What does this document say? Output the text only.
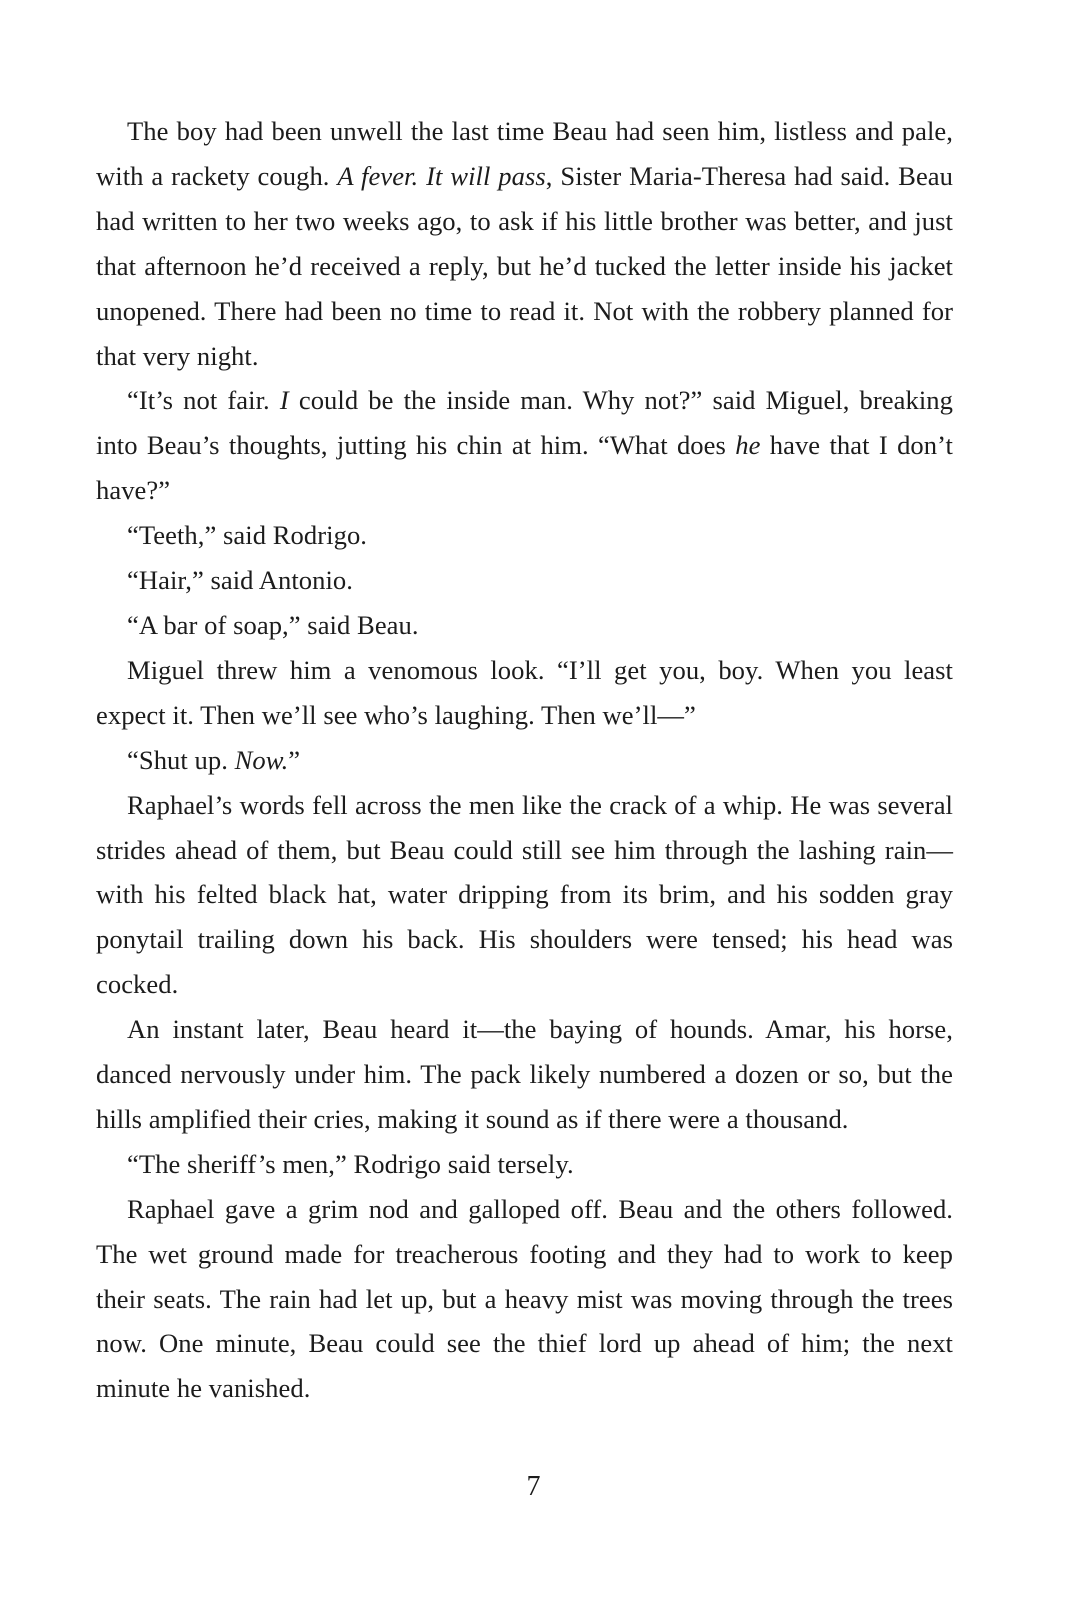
The boy had been unwell the last time Beau had seen him, listless and pale, with a rackety cough. A fever. It will pass, Sister Maria-Theresa had said. Beau had written to her two weeks ago, to ask if his little brother was better, and just that afternoon he’d received a reply, but he’d tucked the letter inside his jacket unopened. There had been no time to read it. Not with the robbery planned for that very night.

“It’s not fair. I could be the inside man. Why not?” said Miguel, breaking into Beau’s thoughts, jutting his chin at him. “What does he have that I don’t have?”

“Teeth,” said Rodrigo.

“Hair,” said Antonio.

“A bar of soap,” said Beau.

Miguel threw him a venomous look. “I’ll get you, boy. When you least expect it. Then we’ll see who’s laughing. Then we’ll—”

“Shut up. Now.”

Raphael’s words fell across the men like the crack of a whip. He was several strides ahead of them, but Beau could still see him through the lashing rain—with his felted black hat, water dripping from its brim, and his sodden gray ponytail trailing down his back. His shoulders were tensed; his head was cocked.

An instant later, Beau heard it—the baying of hounds. Amar, his horse, danced nervously under him. The pack likely numbered a dozen or so, but the hills amplified their cries, making it sound as if there were a thousand.

“The sheriff’s men,” Rodrigo said tersely.

Raphael gave a grim nod and galloped off. Beau and the others followed. The wet ground made for treacherous footing and they had to work to keep their seats. The rain had let up, but a heavy mist was moving through the trees now. One minute, Beau could see the thief lord up ahead of him; the next minute he vanished.

7
